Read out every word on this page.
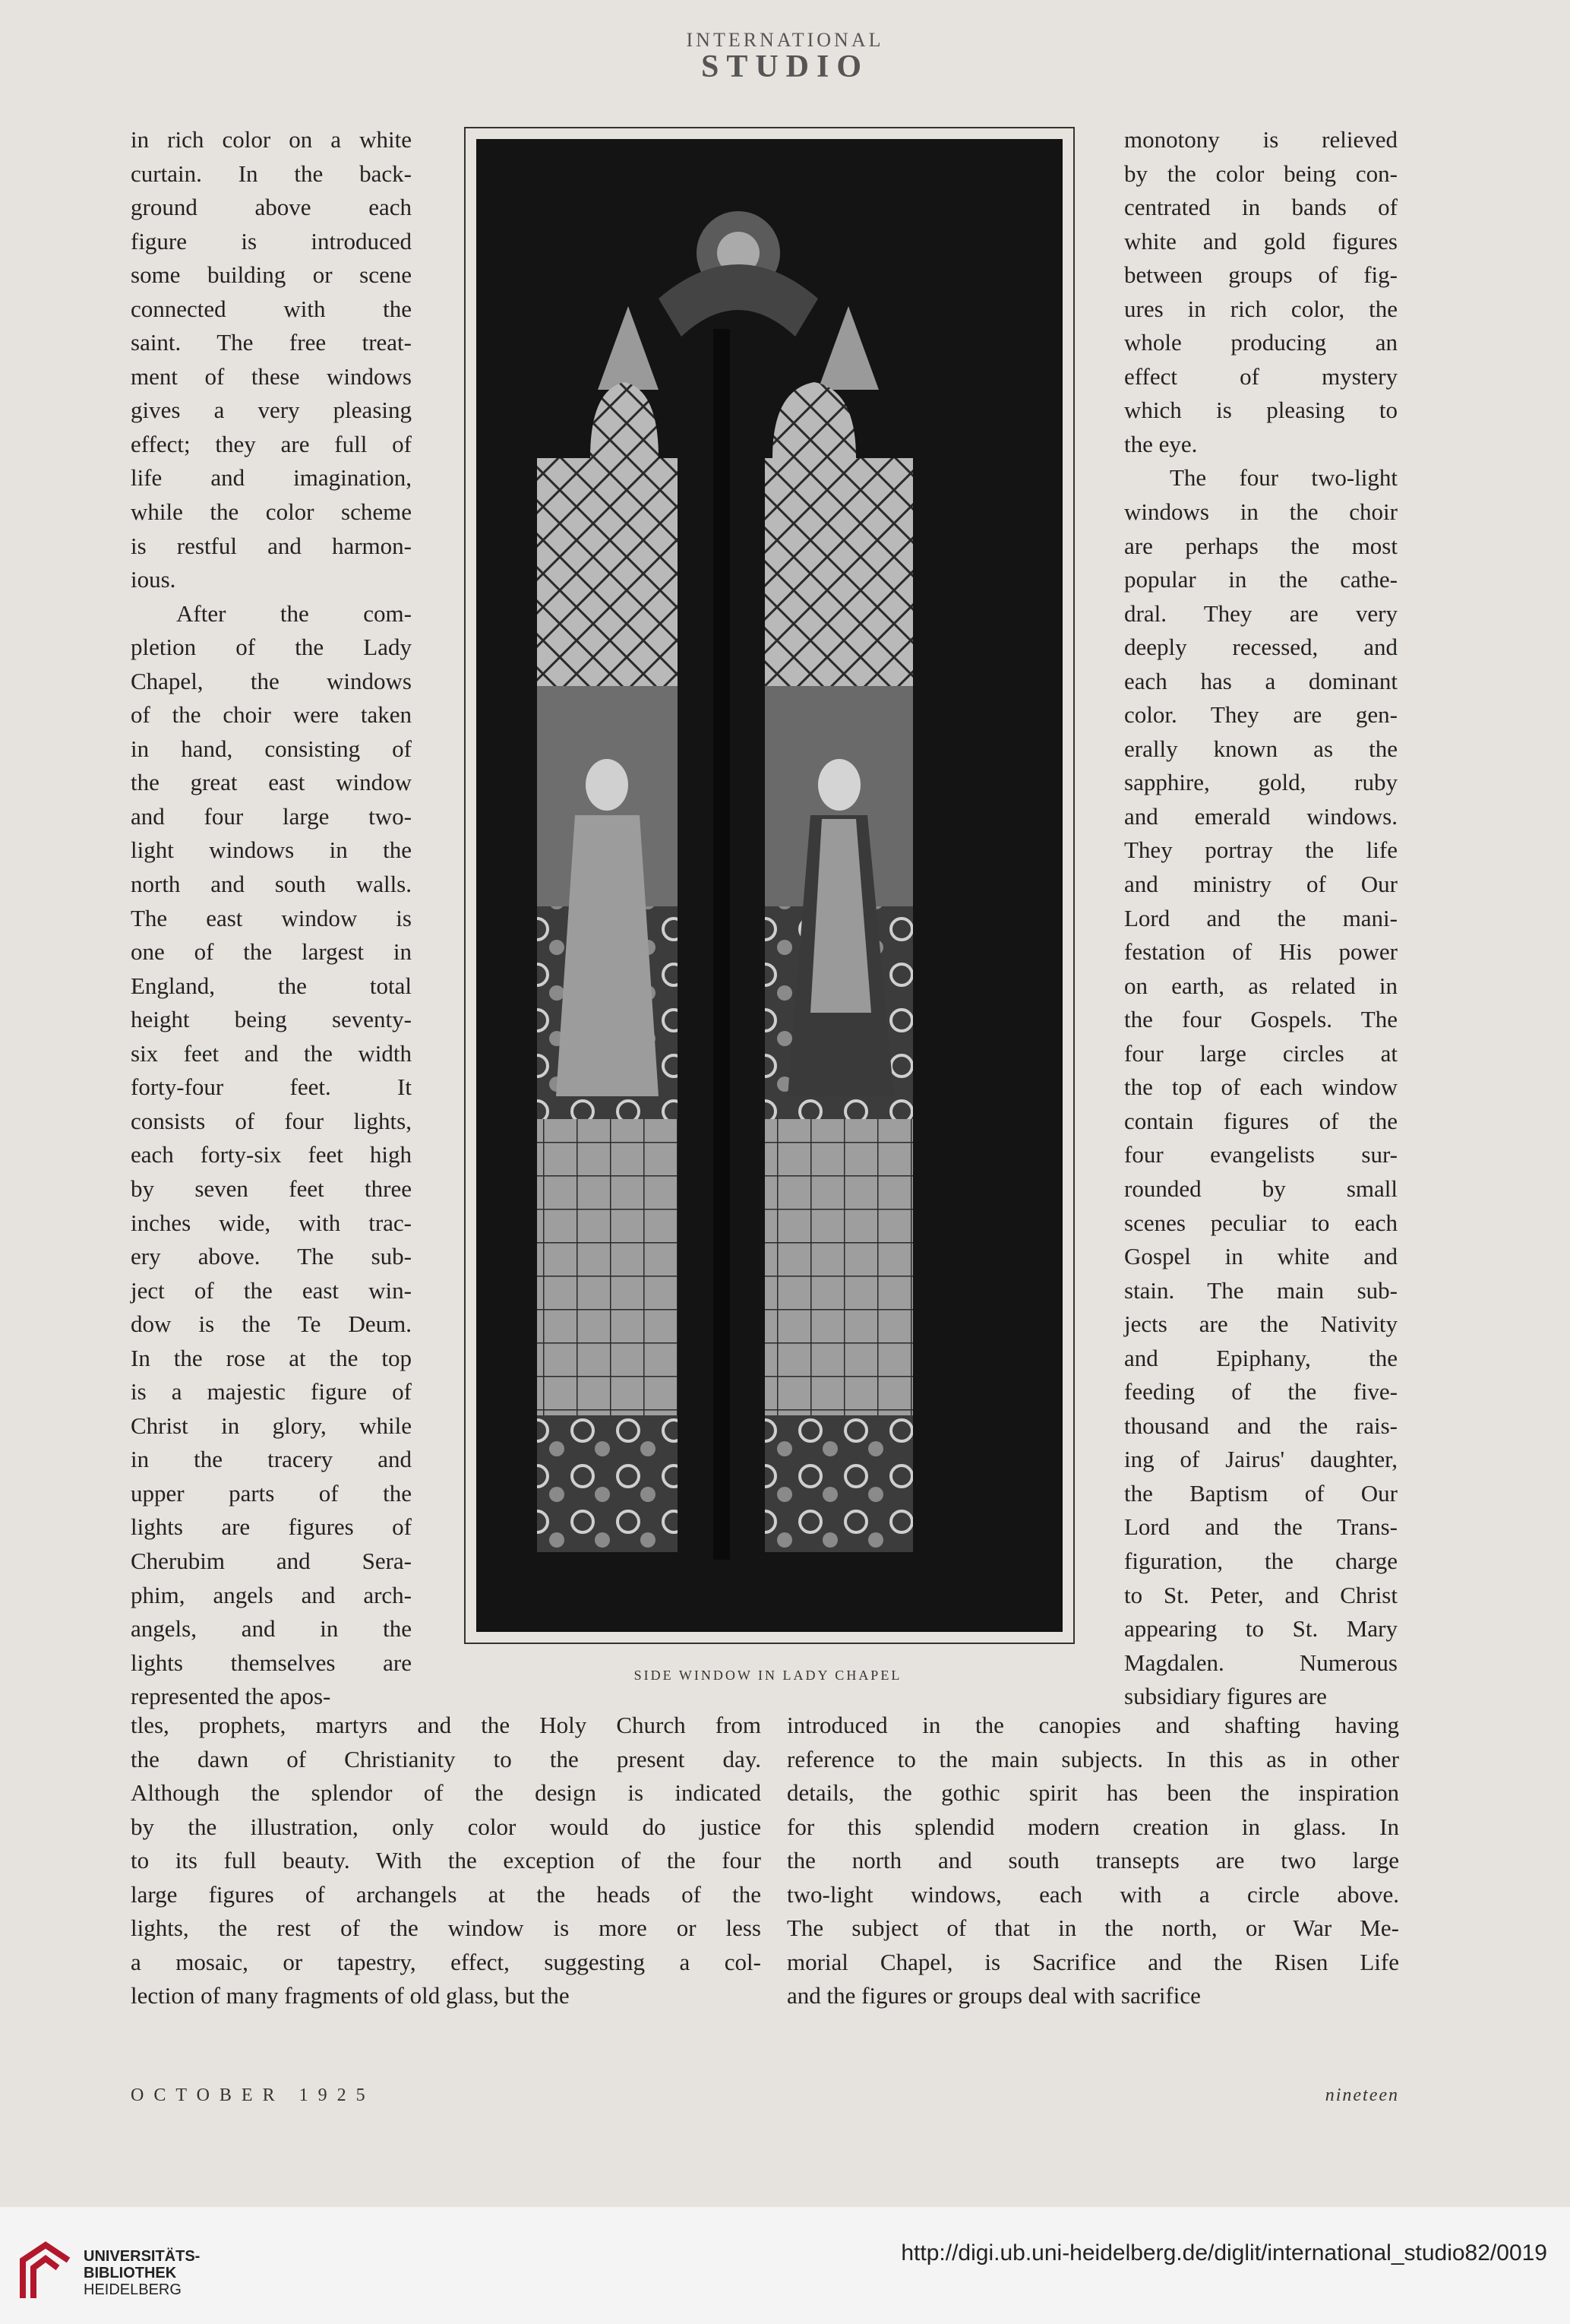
INTERNATIONAL
STUDIO
in rich color on a white
curtain. In the back-
ground above each
figure is introduced
some building or scene
connected with the
saint. The free treat-
ment of these windows
gives a very pleasing
effect; they are full of
life and imagination,
while the color scheme
is restful and harmon-
ious.
After the com-
pletion of the Lady
Chapel, the windows
of the choir were taken
in hand, consisting of
the great east window
and four large two-
light windows in the
north and south walls.
The east window is
one of the largest in
England, the total
height being seventy-
six feet and the width
forty-four feet. It
consists of four lights,
each forty-six feet high
by seven feet three
inches wide, with trac-
ery above. The sub-
ject of the east win-
dow is the Te Deum.
In the rose at the top
is a majestic figure of
Christ in glory, while
in the tracery and
upper parts of the
lights are figures of
Cherubim and Sera-
phim, angels and arch-
angels, and in the
lights themselves are
represented the apos-
monotony is relieved
by the color being con-
centrated in bands of
white and gold figures
between groups of fig-
ures in rich color, the
whole producing an
effect of mystery
which is pleasing to
the eye.
The four two-light
windows in the choir
are perhaps the most
popular in the cathe-
dral. They are very
deeply recessed, and
each has a dominant
color. They are gen-
erally known as the
sapphire, gold, ruby
and emerald windows.
They portray the life
and ministry of Our
Lord and the mani-
festation of His power
on earth, as related in
the four Gospels. The
four large circles at
the top of each window
contain figures of the
four evangelists sur-
rounded by small
scenes peculiar to each
Gospel in white and
stain. The main sub-
jects are the Nativity
and Epiphany, the
feeding of the five-
thousand and the rais-
ing of Jairus' daughter,
the Baptism of Our
Lord and the Trans-
figuration, the charge
to St. Peter, and Christ
appearing to St. Mary
Magdalen. Numerous
subsidiary figures are
SIDE WINDOW IN LADY CHAPEL
tles, prophets, martyrs and the Holy Church from
the dawn of Christianity to the present day.
Although the splendor of the design is indicated
by the illustration, only color would do justice
to its full beauty. With the exception of the four
large figures of archangels at the heads of the
lights, the rest of the window is more or less
a mosaic, or tapestry, effect, suggesting a col-
lection of many fragments of old glass, but the
introduced in the canopies and shafting having
reference to the main subjects. In this as in other
details, the gothic spirit has been the inspiration
for this splendid modern creation in glass. In
the north and south transepts are two large
two-light windows, each with a circle above.
The subject of that in the north, or War Me-
morial Chapel, is Sacrifice and the Risen Life
and the figures or groups deal with sacrifice
OCTOBER 1925	nineteen
UNIVERSITÄTS-
BIBLIOTHEK
HEIDELBERG
http://digi.ub.uni-heidelberg.de/diglit/international_studio82/0019
